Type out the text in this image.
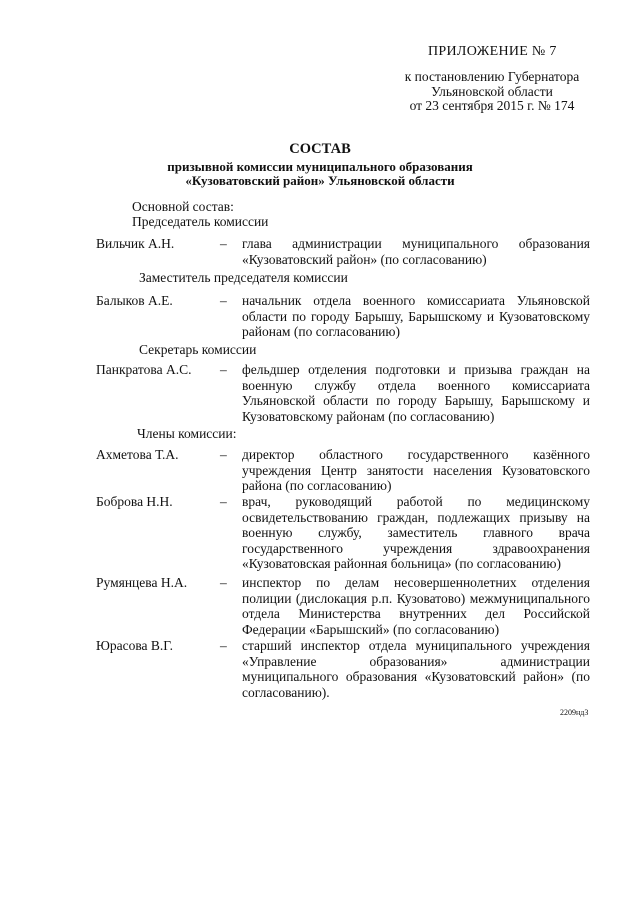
ПРИЛОЖЕНИЕ № 7
к постановлению Губернатора
Ульяновской области
от 23 сентября 2015 г. № 174
СОСТАВ
призывной комиссии муниципального образования
«Кузоватовский район» Ульяновской области
Основной состав:
Председатель комиссии
Вильчик А.Н.	– глава администрации муниципального образования «Кузоватовский район» (по согласованию)
Заместитель председателя комиссии
Балыков А.Е.	– начальник отдела военного комиссариата Ульяновской области по городу Барышу, Барышскому и Кузоватовскому районам (по согласованию)
Секретарь комиссии
Панкратова А.С. – фельдшер отделения подготовки и призыва граждан на военную службу отдела военного комиссариата Ульяновской области по городу Барышу, Барышскому и Кузоватовскому районам (по согласованию)
Члены комиссии:
Ахметова Т.А.	– директор областного государственного казённого учреждения Центр занятости населения Кузоватовского района (по согласованию)
Боброва Н.Н.	– врач, руководящий работой по медицинскому освидетельствованию граждан, подлежащих призыву на военную службу, заместитель главного врача государственного учреждения здравоохранения «Кузоватовская районная больница» (по согласованию)
Румянцева Н.А. – инспектор по делам несовершеннолетних отделения полиции (дислокация р.п. Кузоватово) межмуниципального отдела Министерства внутренних дел Российской Федерации «Барышский» (по согласованию)
Юрасова В.Г.	– старший инспектор отдела муниципального учреждения «Управление образования» администрации муниципального образования «Кузоватовский район» (по согласованию).
2209нд3
